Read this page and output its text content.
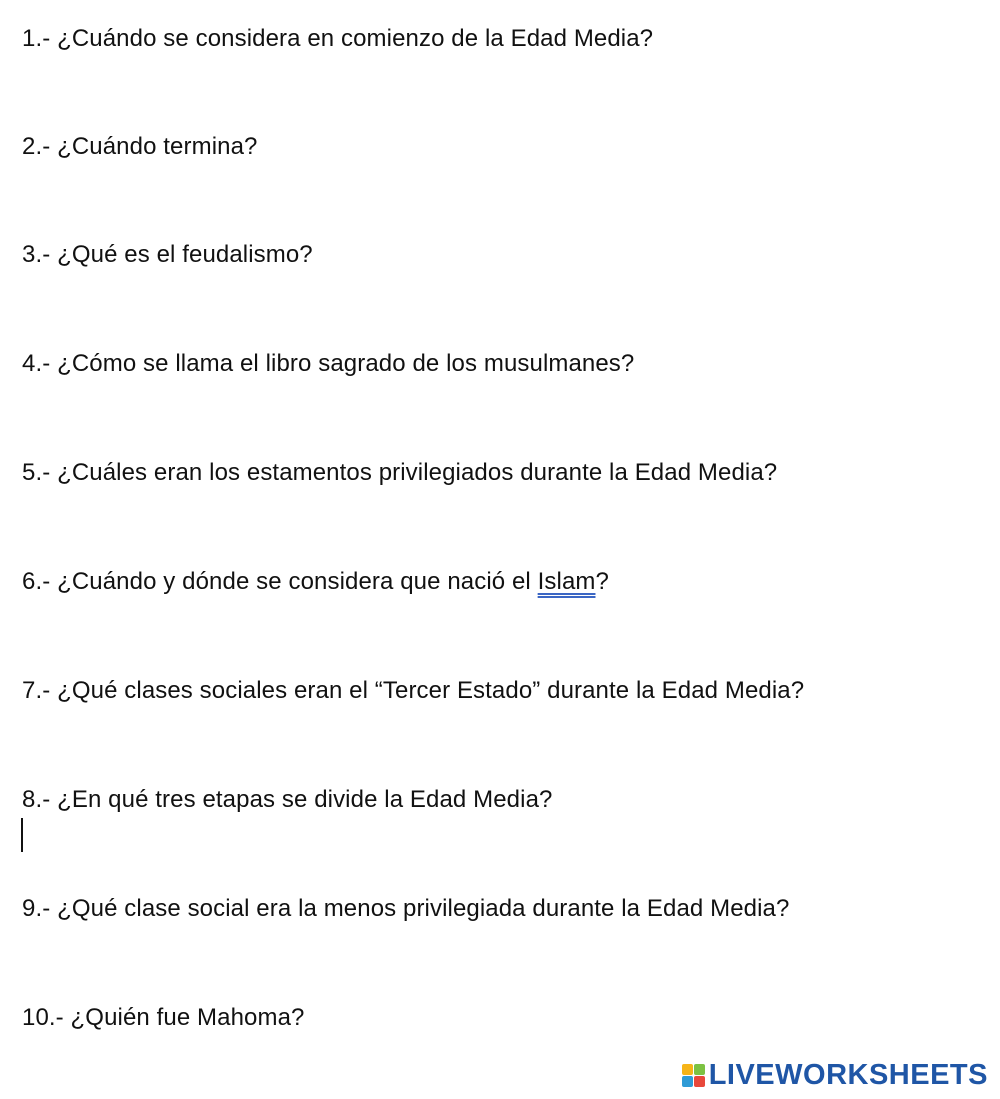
1.- ¿Cuándo se considera en comienzo de la Edad Media?
2.- ¿Cuándo termina?
3.- ¿Qué es el feudalismo?
4.- ¿Cómo se llama el libro sagrado de los musulmanes?
5.- ¿Cuáles eran los estamentos privilegiados durante la Edad Media?
6.- ¿Cuándo y dónde se considera que nació el Islam?
7.- ¿Qué clases sociales eran el “Tercer Estado” durante la Edad Media?
8.- ¿En qué tres etapas se divide la Edad Media?
9.- ¿Qué clase social era la menos privilegiada durante la Edad Media?
10.- ¿Quién fue Mahoma?
LIVEWORKSHEETS
